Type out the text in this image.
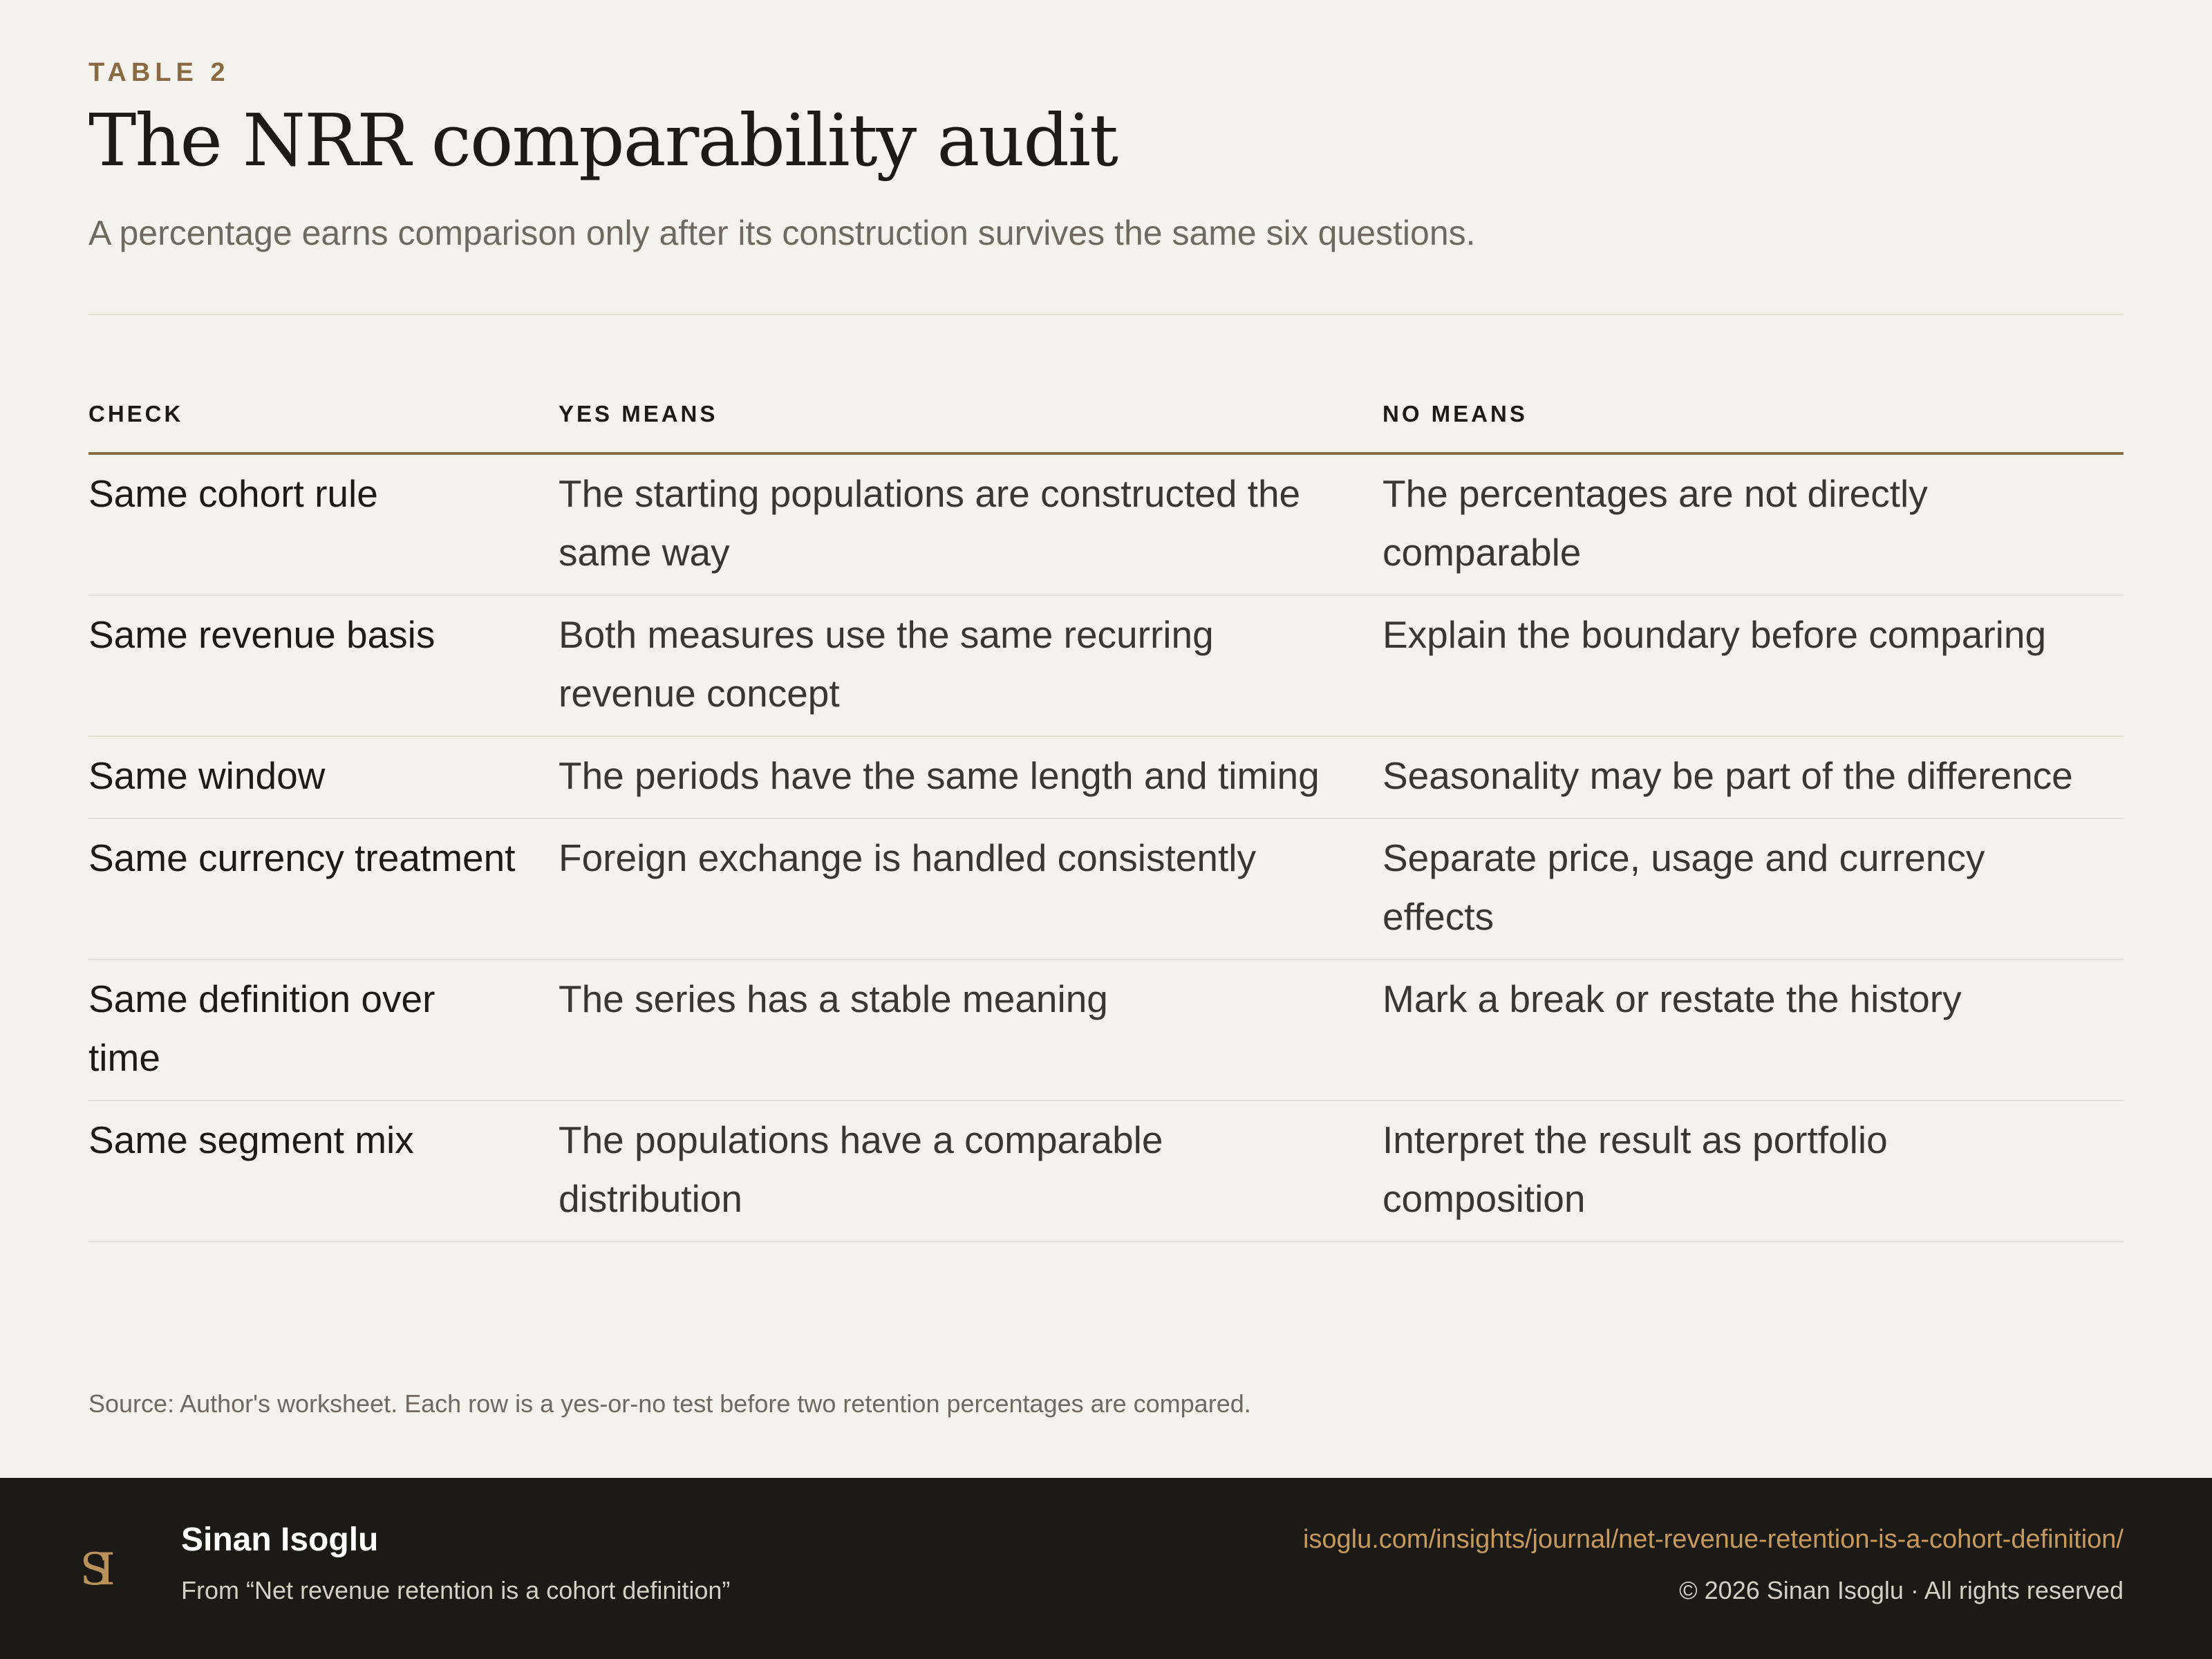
TABLE 2
The NRR comparability audit
A percentage earns comparison only after its construction survives the same six questions.
CHECK	YES MEANS	NO MEANS
Same cohort rule	The starting populations are constructed the same way	The percentages are not directly comparable
Same revenue basis	Both measures use the same recurring revenue concept	Explain the boundary before comparing
Same window	The periods have the same length and timing	Seasonality may be part of the difference
Same currency treatment	Foreign exchange is handled consistently	Separate price, usage and currency effects
Same definition over time	The series has a stable meaning	Mark a break or restate the history
Same segment mix	The populations have a comparable distribution	Interpret the result as portfolio composition
Source: Author's worksheet. Each row is a yes-or-no test before two retention percentages are compared.
SI
Sinan Isoglu
From “Net revenue retention is a cohort definition”
isoglu.com/insights/journal/net-revenue-retention-is-a-cohort-definition/
© 2026 Sinan Isoglu · All rights reserved
